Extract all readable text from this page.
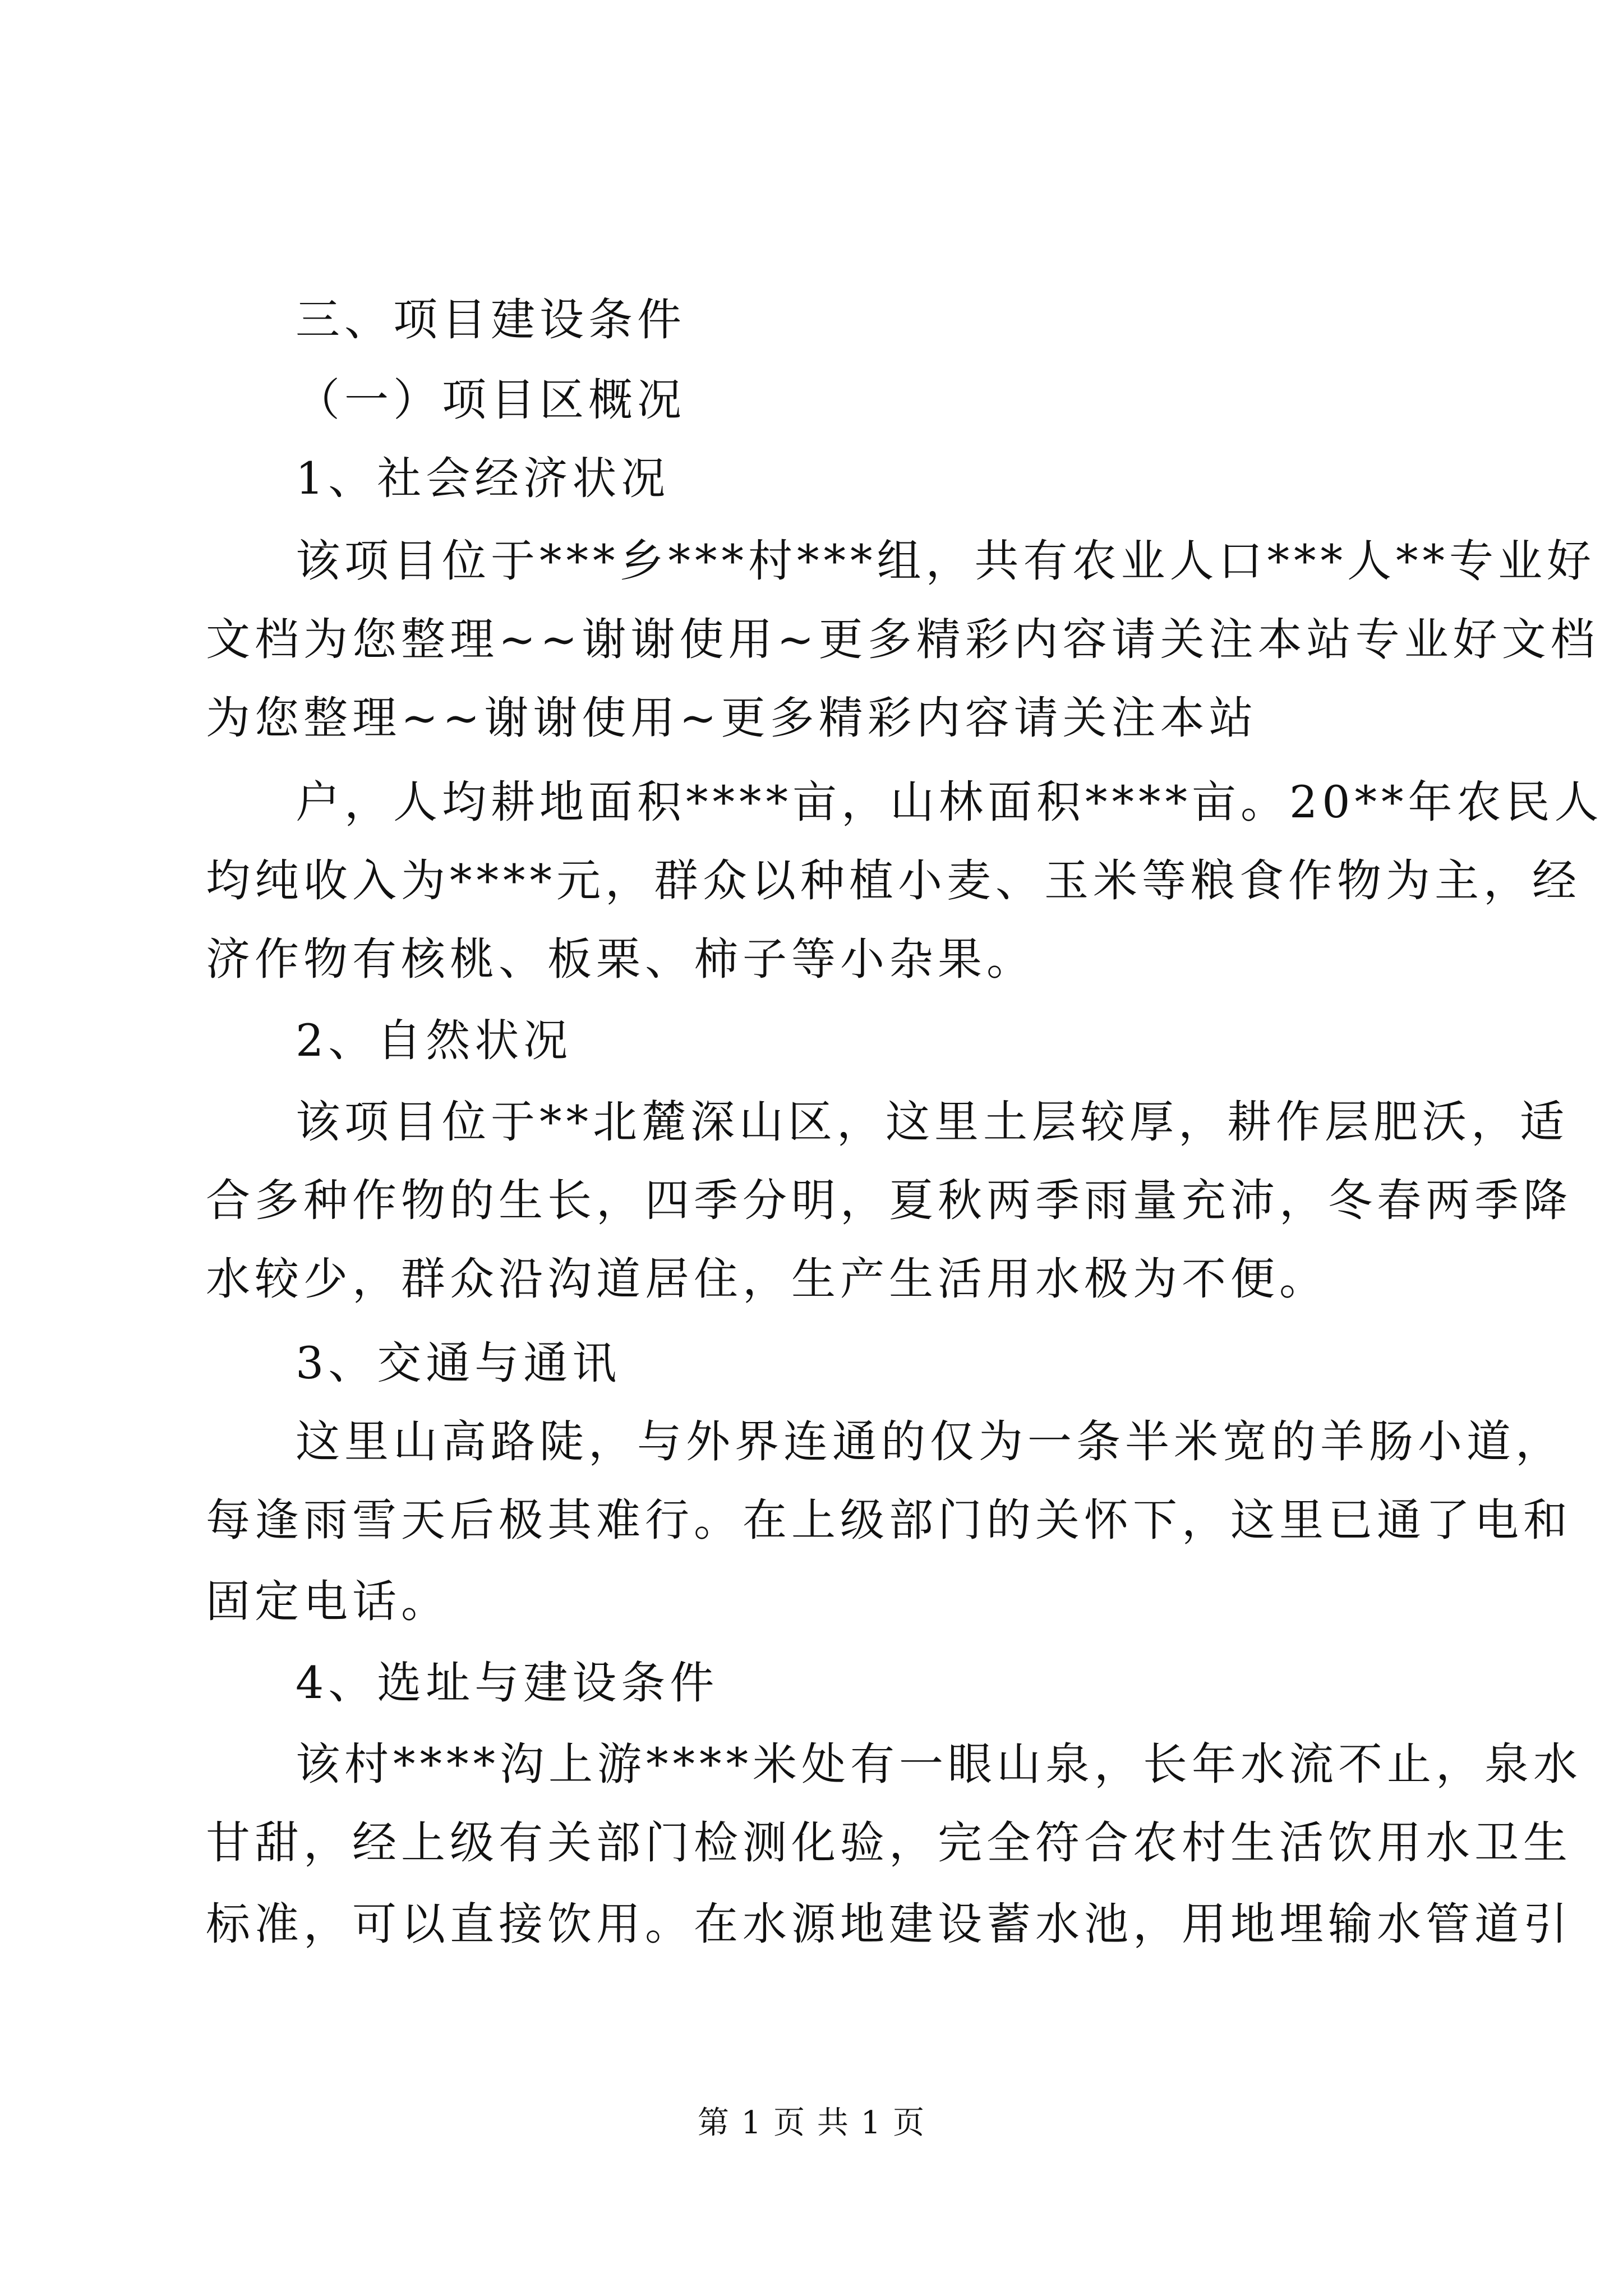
三、项目建设条件
（一）项目区概况
1、社会经济状况
该项目位于***乡***村***组，共有农业人口***人**专业好
文档为您整理~~谢谢使用~更多精彩内容请关注本站专业好文档
为您整理~~谢谢使用~更多精彩内容请关注本站
户，人均耕地面积****亩，山林面积****亩。20**年农民人
均纯收入为****元，群众以种植小麦、玉米等粮食作物为主，经
济作物有核桃、板栗、柿子等小杂果。
2、自然状况
该项目位于**北麓深山区，这里土层较厚，耕作层肥沃，适
合多种作物的生长，四季分明，夏秋两季雨量充沛，冬春两季降
水较少，群众沿沟道居住，生产生活用水极为不便。
3、交通与通讯
这里山高路陡，与外界连通的仅为一条半米宽的羊肠小道，
每逢雨雪天后极其难行。在上级部门的关怀下，这里已通了电和
固定电话。
4、选址与建设条件
该村****沟上游****米处有一眼山泉，长年水流不止，泉水
甘甜，经上级有关部门检测化验，完全符合农村生活饮用水卫生
标准，可以直接饮用。在水源地建设蓄水池，用地埋输水管道引
第 1 页 共 1 页
